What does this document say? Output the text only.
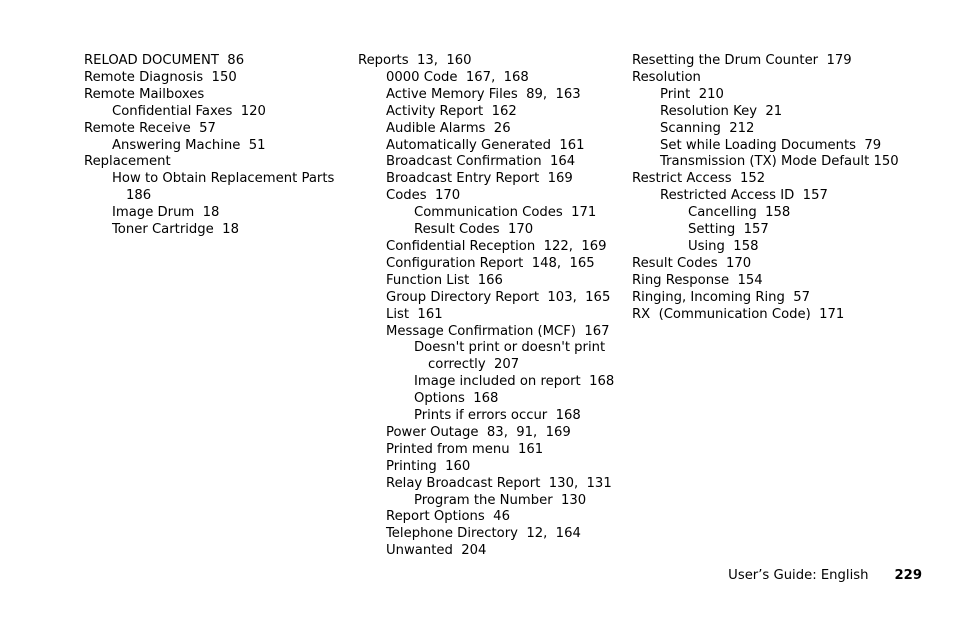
RELOAD DOCUMENT  86
Remote Diagnosis  150
Remote Mailboxes
Confidential Faxes  120
Remote Receive  57
Answering Machine  51
Replacement
How to Obtain Replacement Parts 186
Image Drum  18
Toner Cartridge  18
Reports  13,  160
0000 Code  167,  168
Active Memory Files  89,  163
Activity Report  162
Audible Alarms  26
Automatically Generated  161
Broadcast Confirmation  164
Broadcast Entry Report  169
Codes  170
Communication Codes  171
Result Codes  170
Confidential Reception  122,  169
Configuration Report  148,  165
Function List  166
Group Directory Report  103,  165
List  161
Message Confirmation (MCF)  167
Doesn't print or doesn't print correctly  207
Image included on report  168
Options  168
Prints if errors occur  168
Power Outage  83,  91,  169
Printed from menu  161
Printing  160
Relay Broadcast Report  130,  131
Program the Number  130
Report Options  46
Telephone Directory  12,  164
Unwanted  204
Resetting the Drum Counter  179
Resolution
Print  210
Resolution Key  21
Scanning  212
Set while Loading Documents  79
Transmission (TX) Mode Default 150
Restrict Access  152
Restricted Access ID  157
Cancelling  158
Setting  157
Using  158
Result Codes  170
Ring Response  154
Ringing, Incoming Ring  57
RX  (Communication Code)  171
User’s Guide: English 229
